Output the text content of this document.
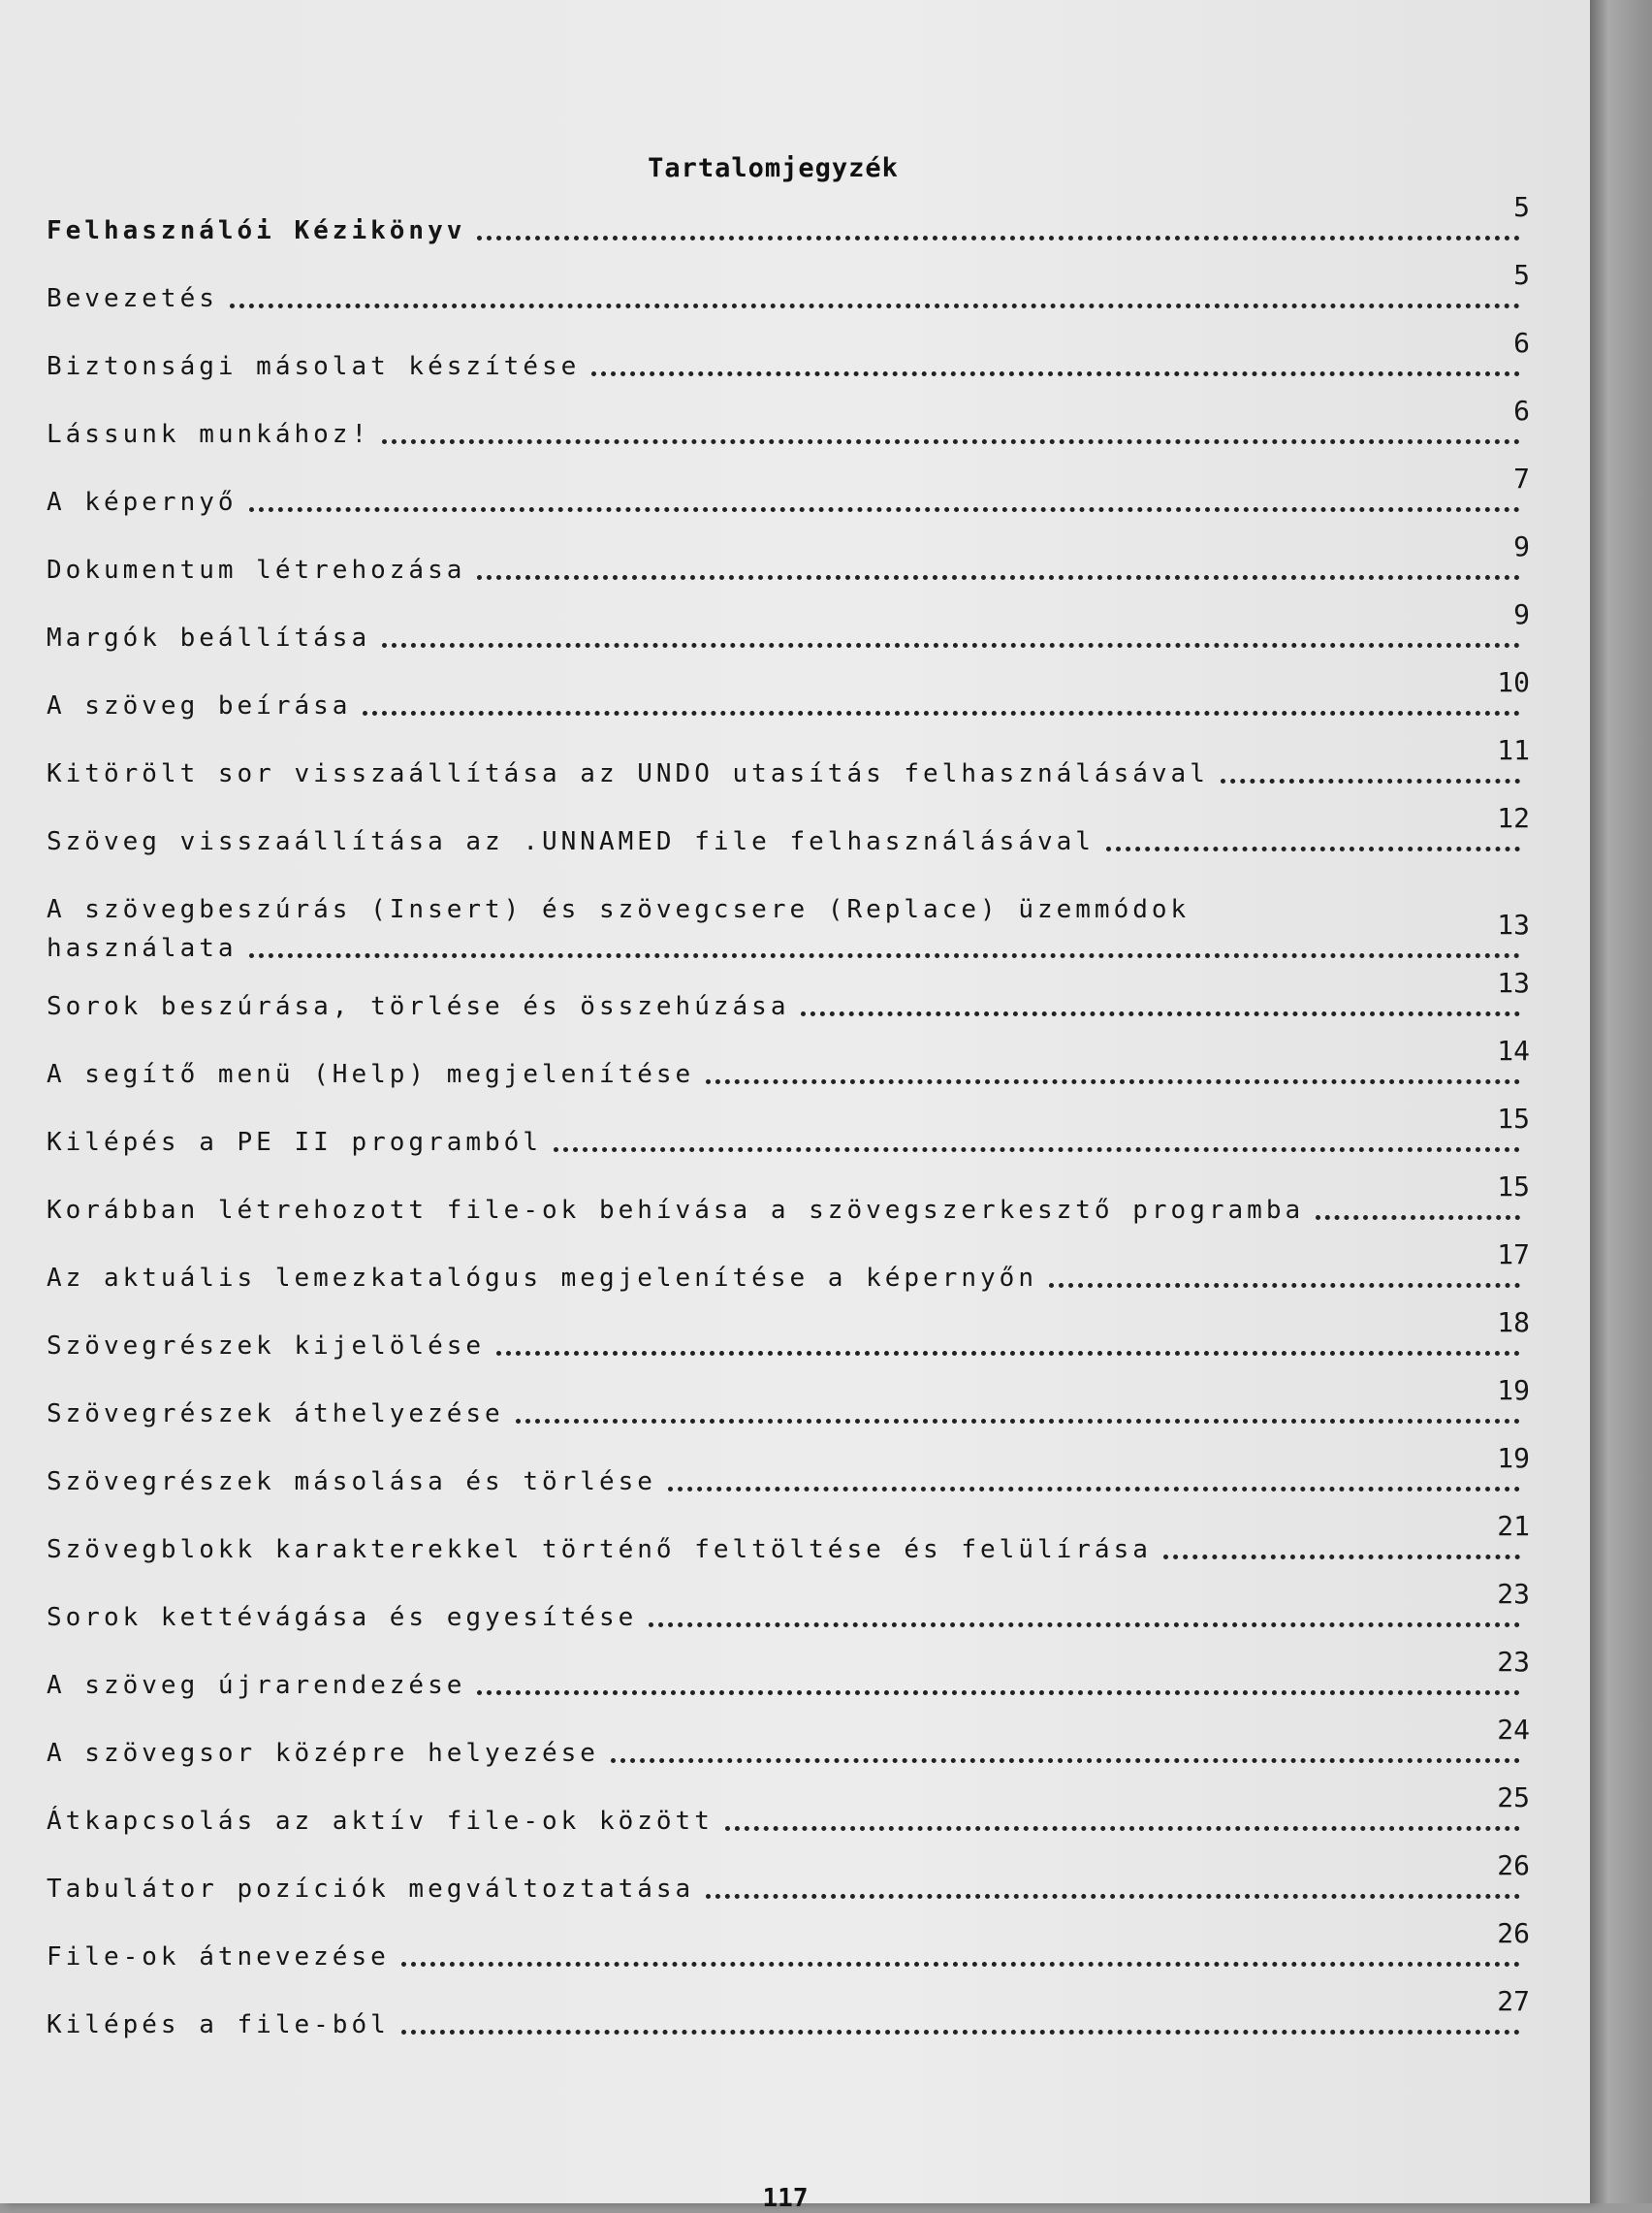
Tartalomjegyzék
Felhasználói Kézikönyv
5
Bevezetés
5
Biztonsági másolat készítése
6
Lássunk munkához!
6
A képernyő
7
Dokumentum létrehozása
9
Margók beállítása
9
A szöveg beírása
10
Kitörölt sor visszaállítása az UNDO utasítás felhasználásával
11
Szöveg visszaállítása az .UNNAMED file felhasználásával
12
A szövegbeszúrás (Insert) és szövegcsere (Replace) üzemmódok
használata
13
Sorok beszúrása, törlése és összehúzása
13
A segítő menü (Help) megjelenítése
14
Kilépés a PE II programból
15
Korábban létrehozott file-ok behívása a szövegszerkesztő programba
15
Az aktuális lemezkatalógus megjelenítése a képernyőn
17
Szövegrészek kijelölése
18
Szövegrészek áthelyezése
19
Szövegrészek másolása és törlése
19
Szövegblokk karakterekkel történő feltöltése és felülírása
21
Sorok kettévágása és egyesítése
23
A szöveg újrarendezése
23
A szövegsor középre helyezése
24
Átkapcsolás az aktív file-ok között
25
Tabulátor pozíciók megváltoztatása
26
File-ok átnevezése
26
Kilépés a file-ból
27
117
